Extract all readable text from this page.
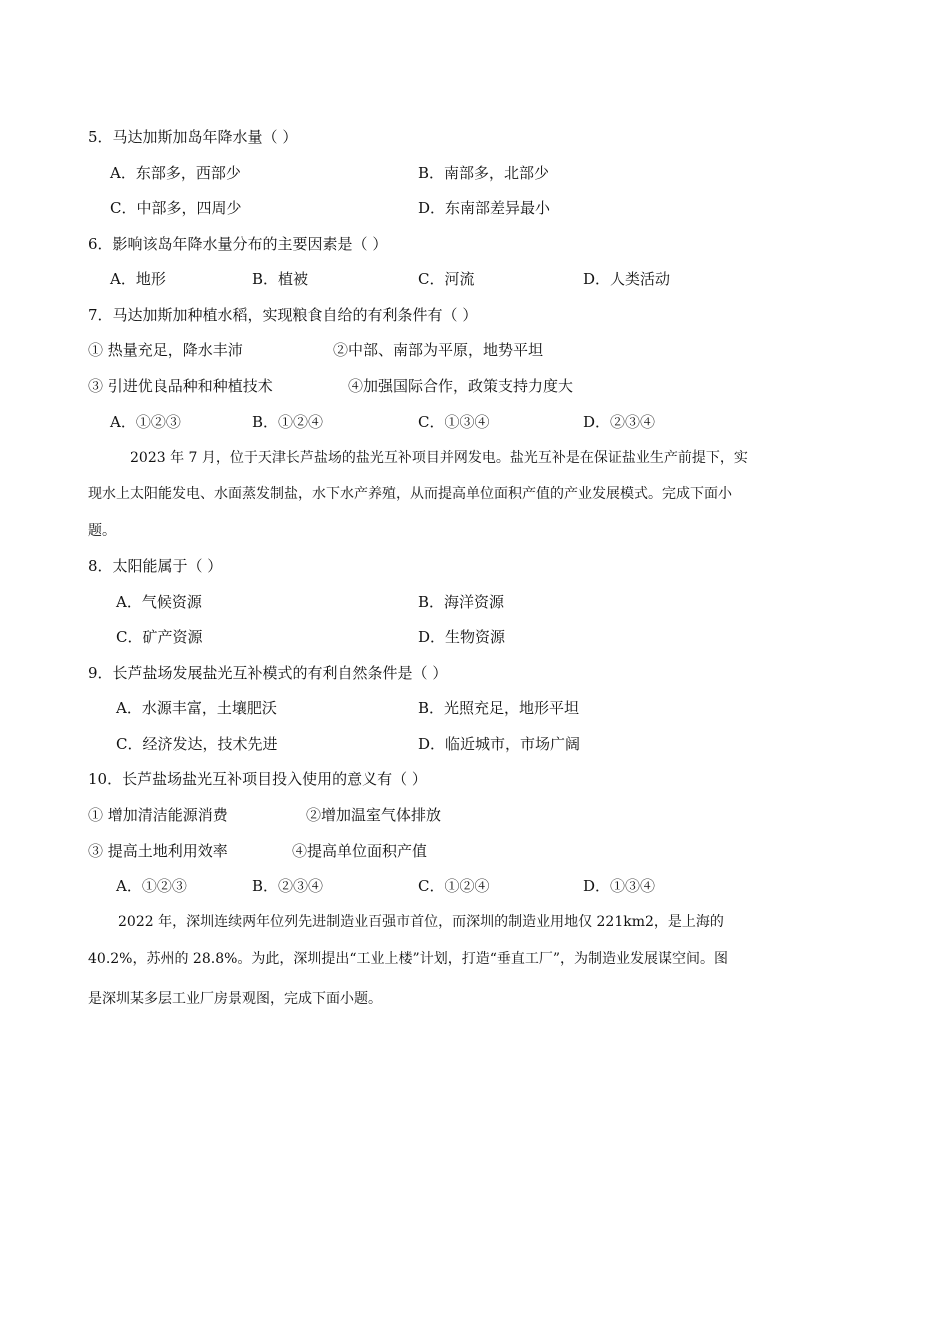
5．马达加斯加岛年降水量（ ）
A．东部多，西部少	B．南部多，北部少
C．中部多，四周少	D．东南部差异最小
6．影响该岛年降水量分布的主要因素是（ ）
A．地形	B．植被	C．河流	D．人类活动
7．马达加斯加种植水稻，实现粮食自给的有利条件有（ ）
① 热量充足，降水丰沛	②中部、南部为平原，地势平坦
③ 引进优良品种和种植技术	④加强国际合作，政策支持力度大
A．①②③	B．①②④	C．①③④	D．②③④

2023 年 7 月，位于天津长芦盐场的盐光互补项目并网发电。盐光互补是在保证盐业生产前提下，实

现水上太阳能发电、水面蒸发制盐，水下水产养殖，从而提高单位面积产值的产业发展模式。完成下面小

题。

8．太阳能属于（ ）
A．气候资源	B．海洋资源
C．矿产资源	D．生物资源
9．长芦盐场发展盐光互补模式的有利自然条件是（ ）
A．水源丰富，土壤肥沃	B．光照充足，地形平坦
C．经济发达，技术先进	D．临近城市，市场广阔
10．长芦盐场盐光互补项目投入使用的意义有（ ）
① 增加清洁能源消费	②增加温室气体排放
③ 提高土地利用效率	④提高单位面积产值
A．①②③	B．②③④	C．①②④	D．①③④

2022 年，深圳连续两年位列先进制造业百强市首位，而深圳的制造业用地仅 221km2，是上海的

40.2%，苏州的 28.8%。为此，深圳提出“工业上楼”计划，打造“垂直工厂”，为制造业发展谋空间。图

是深圳某多层工业厂房景观图，完成下面小题。
